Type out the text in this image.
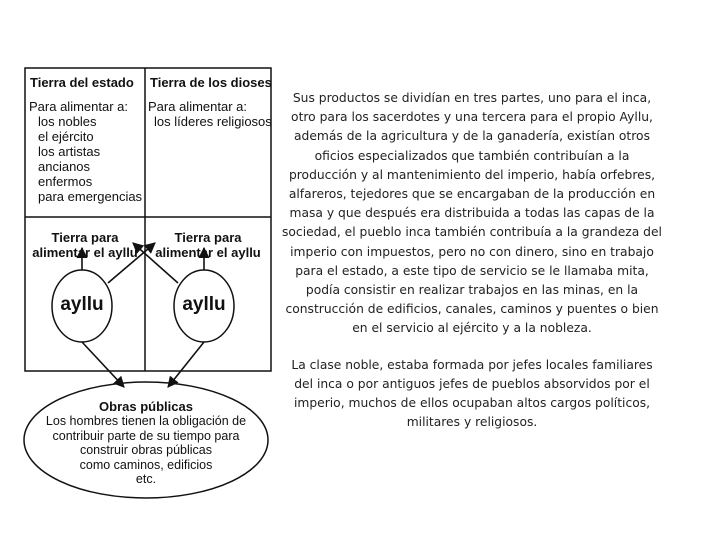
Tierra del estado
Para alimentar a:
los nobles
el ejército
los artistas
ancianos
enfermos
para emergencias
Tierra de los dioses
Para alimentar a:
los líderes religiosos
Tierra para
alimentar el ayllu
Tierra para
alimentar el ayllu
ayllu	ayllu
Obras públicas
Los hombres tienen la obligación de
contribuir parte de su tiempo para
construir obras públicas
como caminos, edificios
etc.

Sus productos se dividían en tres partes, uno para el inca, otro para los sacerdotes y una tercera para el propio Ayllu, además de la agricultura y de la ganadería, existían otros oficios especializados que también contribuían a la producción y al mantenimiento del imperio, había orfebres, alfareros, tejedores que se encargaban de la producción en masa y que después era distribuida a todas las capas de la sociedad, el pueblo inca también contribuía a la grandeza del imperio con impuestos, pero no con dinero, sino en trabajo para el estado, a este tipo de servicio se le llamaba mita, podía consistir en realizar trabajos en las minas, en la construcción de edificios, canales, caminos y puentes o bien en el servicio al ejército y a la nobleza.

La clase noble, estaba formada por jefes locales familiares del inca o por antiguos jefes de pueblos absorvidos por el imperio, muchos de ellos ocupaban altos cargos políticos, militares y religiosos.
